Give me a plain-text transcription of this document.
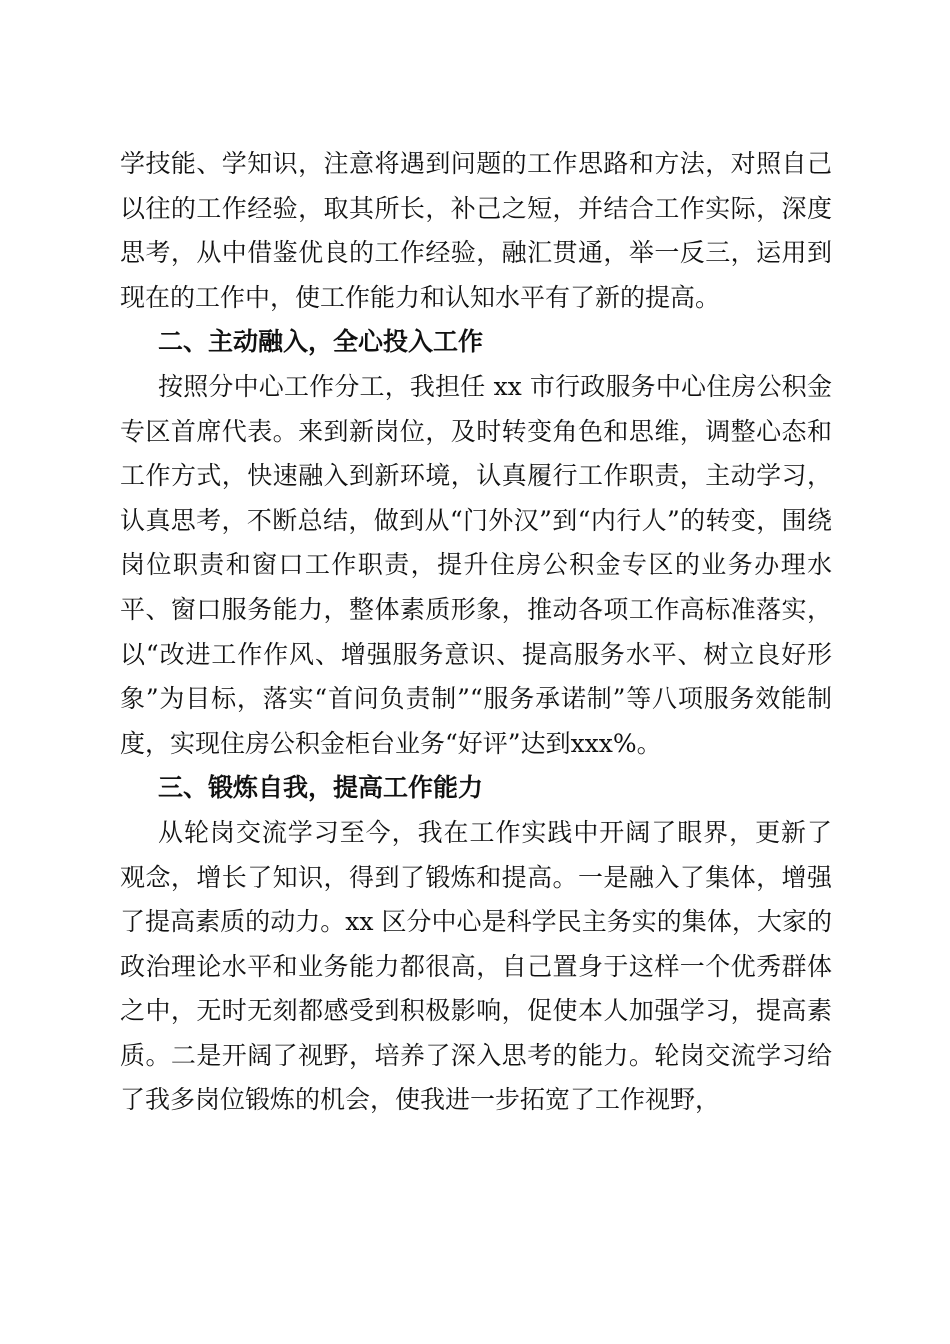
学技能、学知识，注意将遇到问题的工作思路和方法，对照自己以往的工作经验，取其所长，补己之短，并结合工作实际，深度思考，从中借鉴优良的工作经验，融汇贯通，举一反三，运用到现在的工作中，使工作能力和认知水平有了新的提高。

二、主动融入，全心投入工作

按照分中心工作分工，我担任 xx 市行政服务中心住房公积金专区首席代表。来到新岗位，及时转变角色和思维，调整心态和工作方式，快速融入到新环境，认真履行工作职责，主动学习，认真思考，不断总结，做到从“门外汉”到“内行人”的转变，围绕岗位职责和窗口工作职责，提升住房公积金专区的业务办理水平、窗口服务能力，整体素质形象，推动各项工作高标准落实，以“改进工作作风、增强服务意识、提高服务水平、树立良好形象”为目标，落实“首问负责制”“服务承诺制”等八项服务效能制度，实现住房公积金柜台业务“好评”达到xxx%。

三、锻炼自我，提高工作能力

从轮岗交流学习至今，我在工作实践中开阔了眼界，更新了观念，增长了知识，得到了锻炼和提高。一是融入了集体，增强了提高素质的动力。xx 区分中心是科学民主务实的集体，大家的政治理论水平和业务能力都很高，自己置身于这样一个优秀群体之中，无时无刻都感受到积极影响，促使本人加强学习，提高素质。二是开阔了视野，培养了深入思考的能力。轮岗交流学习给了我多岗位锻炼的机会，使我进一步拓宽了工作视野，
